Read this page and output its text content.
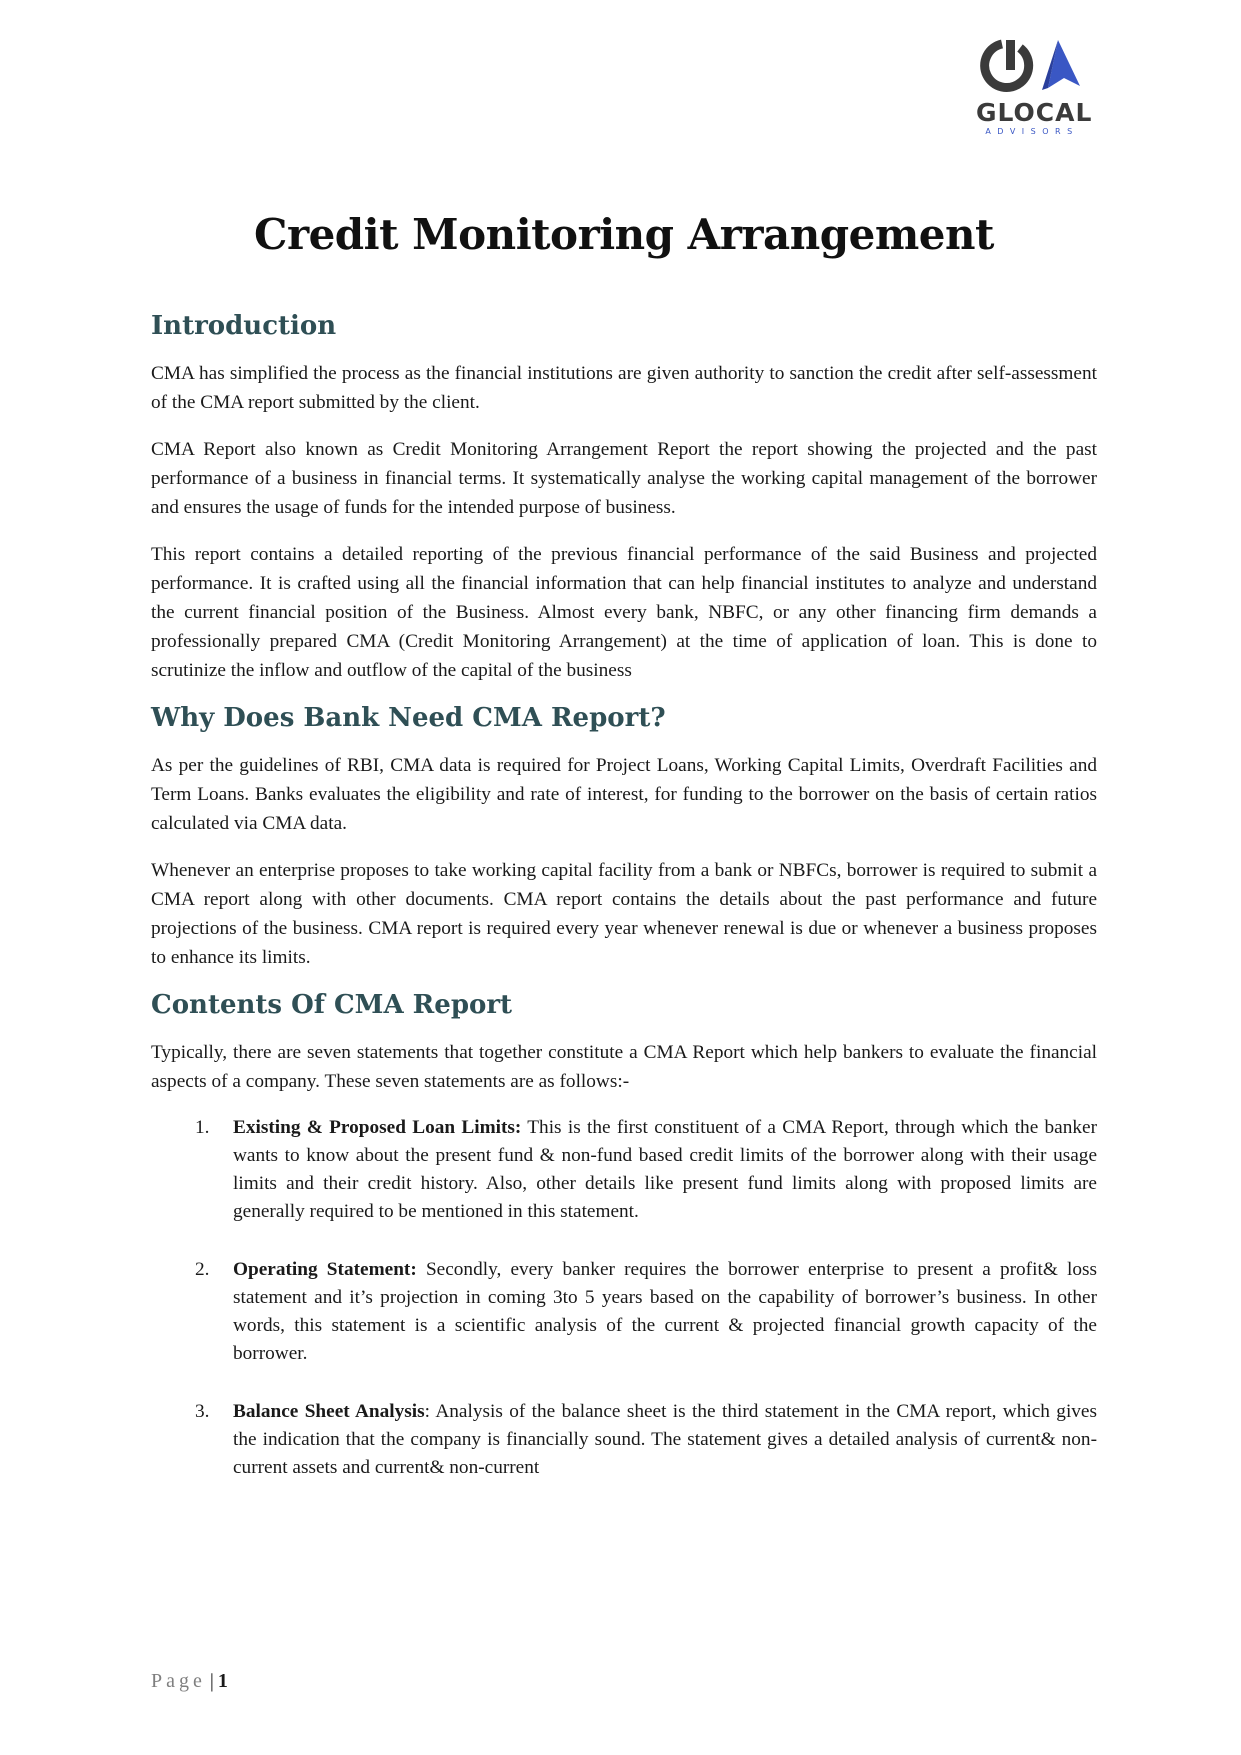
GLOCAL
ADVISORS
Credit Monitoring Arrangement
Introduction

CMA has simplified the process as the financial institutions are given authority to sanction the credit after self-assessment of the CMA report submitted by the client.

CMA Report also known as Credit Monitoring Arrangement Report the report showing the projected and the past performance of a business in financial terms. It systematically analyse the working capital management of the borrower and ensures the usage of funds for the intended purpose of business.

This report contains a detailed reporting of the previous financial performance of the said Business and projected performance. It is crafted using all the financial information that can help financial institutes to analyze and understand the current financial position of the Business. Almost every bank, NBFC, or any other financing firm demands a professionally prepared CMA (Credit Monitoring Arrangement) at the time of application of loan. This is done to scrutinize the inflow and outflow of the capital of the business

Why Does Bank Need CMA Report?

As per the guidelines of RBI, CMA data is required for Project Loans, Working Capital Limits, Overdraft Facilities and Term Loans. Banks evaluates the eligibility and rate of interest, for funding to the borrower on the basis of certain ratios calculated via CMA data.

Whenever an enterprise proposes to take working capital facility from a bank or NBFCs, borrower is required to submit a CMA report along with other documents. CMA report contains the details about the past performance and future projections of the business. CMA report is required every year whenever renewal is due or whenever a business proposes to enhance its limits.

Contents Of CMA Report

Typically, there are seven statements that together constitute a CMA Report which help bankers to evaluate the financial aspects of a company. These seven statements are as follows:-

1. Existing & Proposed Loan Limits: This is the first constituent of a CMA Report, through which the banker wants to know about the present fund & non-fund based credit limits of the borrower along with their usage limits and their credit history. Also, other details like present fund limits along with proposed limits are generally required to be mentioned in this statement.
2. Operating Statement: Secondly, every banker requires the borrower enterprise to present a profit& loss statement and it’s projection in coming 3to 5 years based on the capability of borrower’s business. In other words, this statement is a scientific analysis of the current & projected financial growth capacity of the borrower.
3. Balance Sheet Analysis: Analysis of the balance sheet is the third statement in the CMA report, which gives the indication that the company is financially sound. The statement gives a detailed analysis of current& non-current assets and current& non-current
Page | 1
